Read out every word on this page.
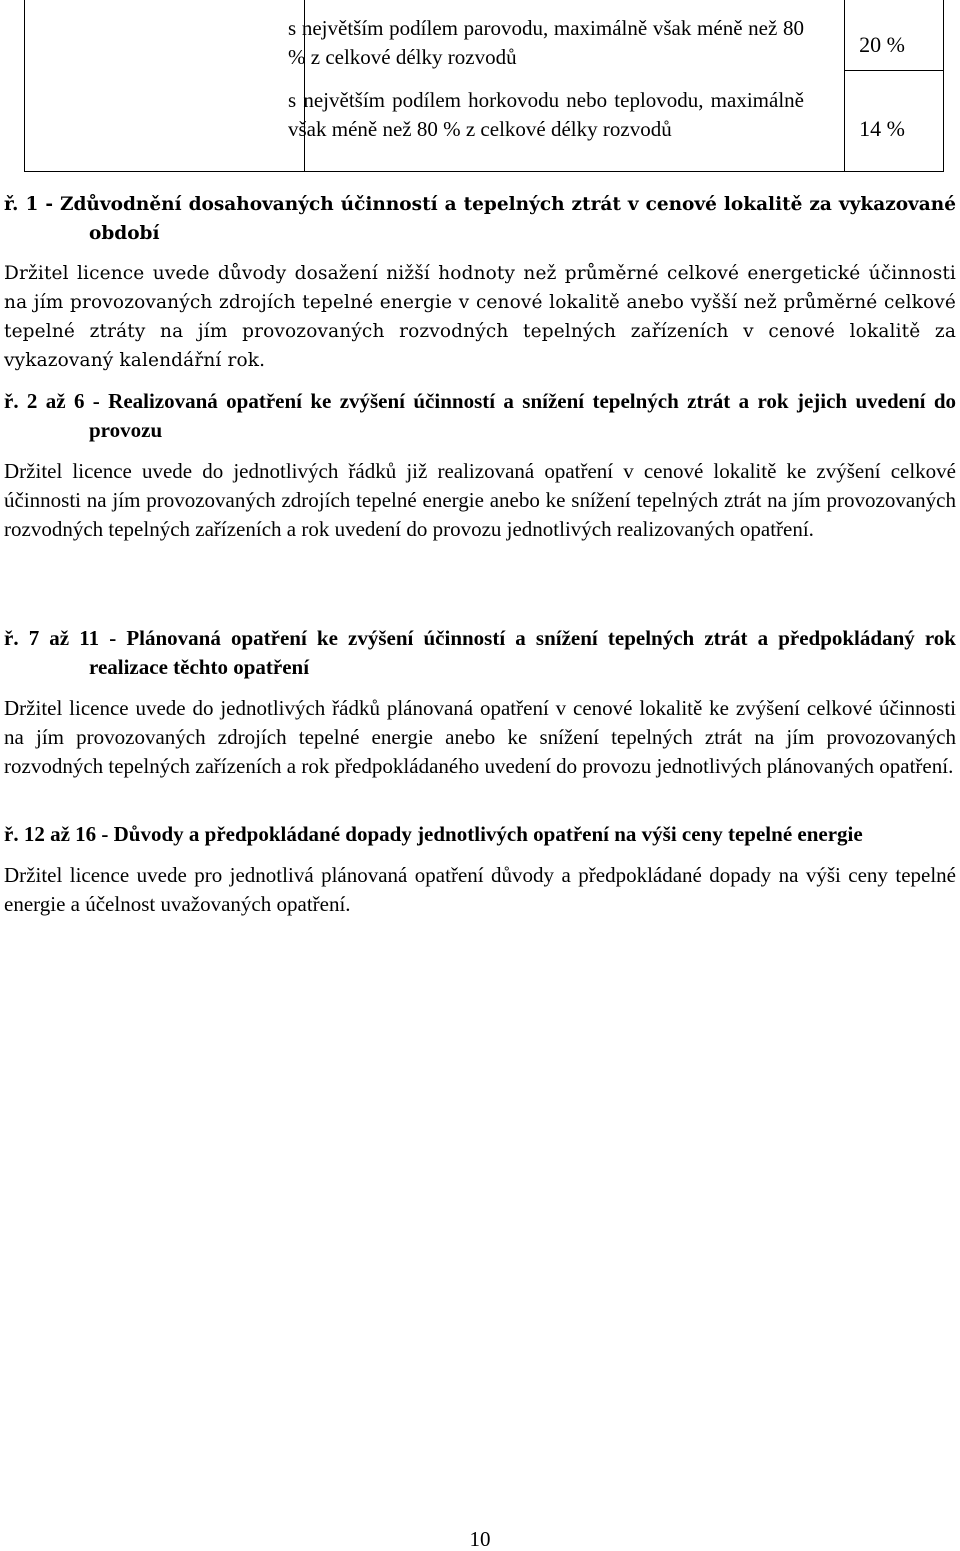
s největším podílem parovodu, maximálně však méně než 80 % z celkové délky rozvodů	20 %
s největším podílem horkovodu nebo teplovodu, maximálně však méně než 80 % z celkové délky rozvodů	14 %
ř. 1 - Zdůvodnění dosahovaných účinností a tepelných ztrát v cenové lokalitě za vykazované období
Držitel licence uvede důvody dosažení nižší hodnoty než průměrné celkové energetické účinnosti na jím provozovaných zdrojích tepelné energie v cenové lokalitě anebo vyšší než průměrné celkové tepelné ztráty na jím provozovaných rozvodných tepelných zařízeních v cenové lokalitě za vykazovaný kalendářní rok.
ř. 2 až 6 - Realizovaná opatření ke zvýšení účinností a snížení tepelných ztrát a rok jejich uvedení do provozu
Držitel licence uvede do jednotlivých řádků již realizovaná opatření v cenové lokalitě ke zvýšení celkové účinnosti na jím provozovaných zdrojích tepelné energie anebo ke snížení tepelných ztrát na jím provozovaných rozvodných tepelných zařízeních a rok uvedení do provozu jednotlivých realizovaných opatření.
ř. 7 až 11 - Plánovaná opatření ke zvýšení účinností a snížení tepelných ztrát a předpokládaný rok realizace těchto opatření
Držitel licence uvede do jednotlivých řádků plánovaná opatření v cenové lokalitě ke zvýšení celkové účinnosti na jím provozovaných zdrojích tepelné energie anebo ke snížení tepelných ztrát na jím provozovaných rozvodných tepelných zařízeních a rok předpokládaného uvedení do provozu jednotlivých plánovaných opatření.
ř. 12 až 16 - Důvody a předpokládané dopady jednotlivých opatření na výši ceny tepelné energie
Držitel licence uvede pro jednotlivá plánovaná opatření důvody a předpokládané dopady na výši ceny tepelné energie a účelnost uvažovaných opatření.
10
